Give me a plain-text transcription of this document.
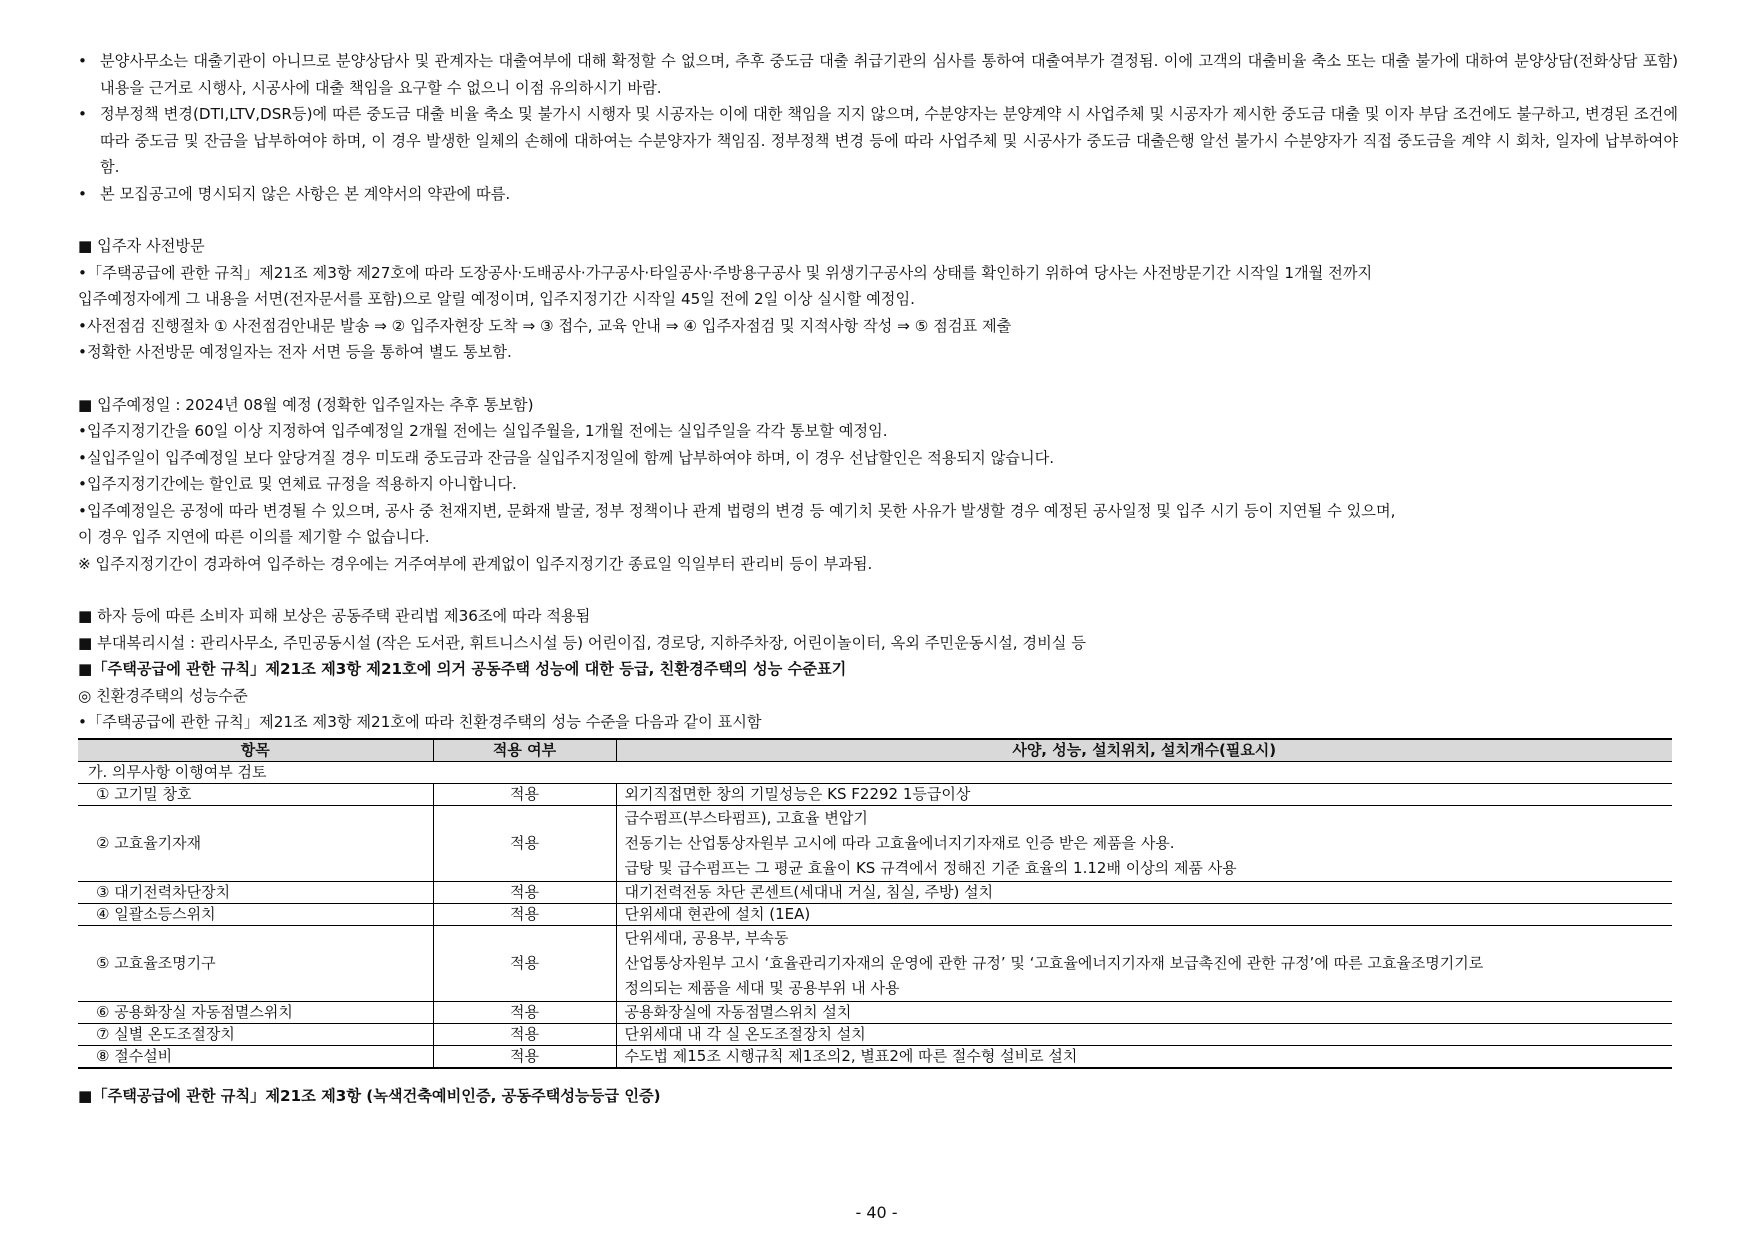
• 분양사무소는 대출기관이 아니므로 분양상담사 및 관계자는 대출여부에 대해 확정할 수 없으며, 추후 중도금 대출 취급기관의 심사를 통하여 대출여부가 결정됨. 이에 고객의 대출비율 축소 또는 대출 불가에 대하여 분양상담(전화상담 포함) 내용을 근거로 시행사, 시공사에 대출 책임을 요구할 수 없으니 이점 유의하시기 바람.
• 정부정책 변경(DTI,LTV,DSR등)에 따른 중도금 대출 비율 축소 및 불가시 시행자 및 시공자는 이에 대한 책임을 지지 않으며, 수분양자는 분양계약 시 사업주체 및 시공자가 제시한 중도금 대출 및 이자 부담 조건에도 불구하고, 변경된 조건에 따라 중도금 및 잔금을 납부하여야 하며, 이 경우 발생한 일체의 손해에 대하여는 수분양자가 책임짐. 정부정책 변경 등에 따라 사업주체 및 시공사가 중도금 대출은행 알선 불가시 수분양자가 직접 중도금을 계약 시 회차, 일자에 납부하여야 함.
• 본 모집공고에 명시되지 않은 사항은 본 계약서의 약관에 따름.
■ 입주자 사전방문
•「주택공급에 관한 규칙」제21조 제3항 제27호에 따라 도장공사·도배공사·가구공사·타일공사·주방용구공사 및 위생기구공사의 상태를 확인하기 위하여 당사는 사전방문기간 시작일 1개월 전까지
입주예정자에게 그 내용을 서면(전자문서를 포함)으로 알릴 예정이며, 입주지정기간 시작일 45일 전에 2일 이상 실시할 예정임.
•사전점검 진행절차 ① 사전점검안내문 발송 ⇒ ② 입주자현장 도착 ⇒ ③ 접수, 교육 안내 ⇒ ④ 입주자점검 및 지적사항 작성 ⇒ ⑤ 점검표 제출
•정확한 사전방문 예정일자는 전자 서면 등을 통하여 별도 통보함.
■ 입주예정일 : 2024년 08월 예정 (정확한 입주일자는 추후 통보함)
•입주지정기간을 60일 이상 지정하여 입주예정일 2개월 전에는 실입주월을, 1개월 전에는 실입주일을 각각 통보할 예정임.
•실입주일이 입주예정일 보다 앞당겨질 경우 미도래 중도금과 잔금을 실입주지정일에 함께 납부하여야 하며, 이 경우 선납할인은 적용되지 않습니다.
•입주지정기간에는 할인료 및 연체료 규정을 적용하지 아니합니다.
•입주예정일은 공정에 따라 변경될 수 있으며, 공사 중 천재지변, 문화재 발굴, 정부 정책이나 관계 법령의 변경 등 예기치 못한 사유가 발생할 경우 예정된 공사일정 및 입주 시기 등이 지연될 수 있으며,
이 경우 입주 지연에 따른 이의를 제기할 수 없습니다.
※ 입주지정기간이 경과하여 입주하는 경우에는 거주여부에 관계없이 입주지정기간 종료일 익일부터 관리비 등이 부과됨.
■ 하자 등에 따른 소비자 피해 보상은 공동주택 관리법 제36조에 따라 적용됨
■ 부대복리시설 : 관리사무소, 주민공동시설 (작은 도서관, 휘트니스시설 등) 어린이집, 경로당, 지하주차장, 어린이놀이터, 옥외 주민운동시설, 경비실 등
■「주택공급에 관한 규칙」제21조 제3항 제21호에 의거 공동주택 성능에 대한 등급, 친환경주택의 성능 수준표기
◎ 친환경주택의 성능수준
•「주택공급에 관한 규칙」제21조 제3항 제21호에 따라 친환경주택의 성능 수준을 다음과 같이 표시함
항목	적용 여부	사양, 성능, 설치위치, 설치개수(필요시)
가. 의무사항 이행여부 검토		
① 고기밀 창호	적용	외기직접면한 창의 기밀성능은 KS F2292 1등급이상
② 고효율기자재	적용	급수펌프(부스타펌프), 고효율 변압기
전동기는 산업통상자원부 고시에 따라 고효율에너지기자재로 인증 받은 제품을 사용.
급탕 및 급수펌프는 그 평균 효율이 KS 규격에서 정해진 기준 효율의 1.12배 이상의 제품 사용

③ 대기전력차단장치	적용	대기전력전동 차단 콘센트(세대내 거실, 침실, 주방) 설치
④ 일괄소등스위치	적용	단위세대 현관에 설치 (1EA)
⑤ 고효율조명기구	적용	단위세대, 공용부, 부속동
산업통상자원부 고시 ‘효율관리기자재의 운영에 관한 규정’ 및 ‘고효율에너지기자재 보급촉진에 관한 규정’에 따른 고효율조명기기로
정의되는 제품을 세대 및 공용부위 내 사용

⑥ 공용화장실 자동점멸스위치	적용	공용화장실에 자동점멸스위치 설치
⑦ 실별 온도조절장치	적용	단위세대 내 각 실 온도조절장치 설치
⑧ 절수설비	적용	수도법 제15조 시행규칙 제1조의2, 별표2에 따른 절수형 설비로 설치
■「주택공급에 관한 규칙」제21조 제3항 (녹색건축예비인증, 공동주택성능등급 인증)
- 40 -
